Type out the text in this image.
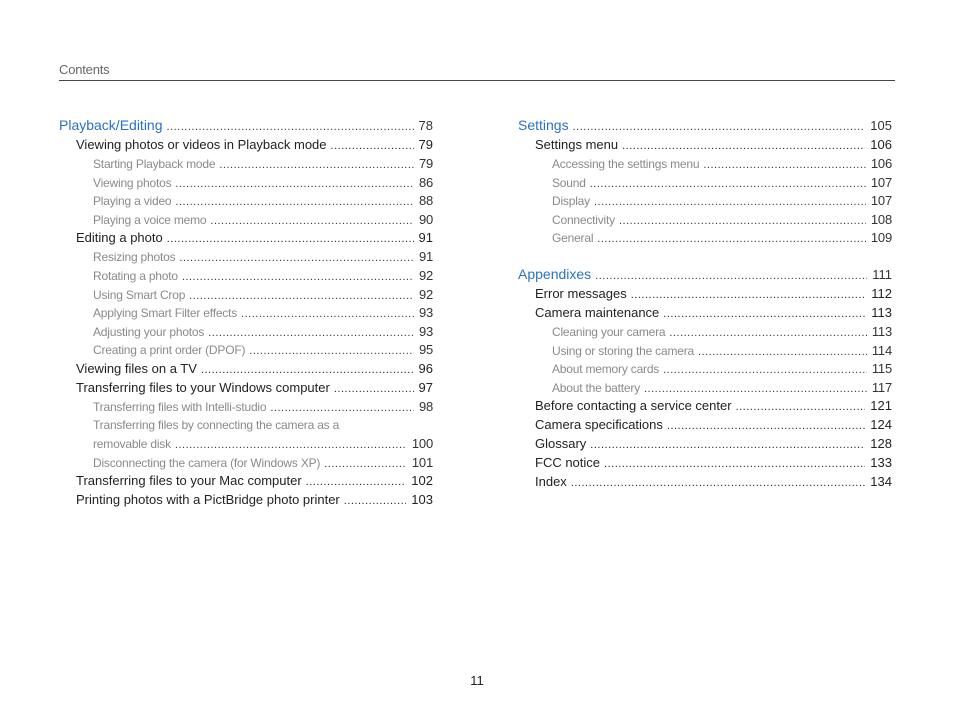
Contents
Playback/Editing .....	78
Viewing photos or videos in Playback mode .....	79
Starting Playback mode .....	79
Viewing photos .....	86
Playing a video .....	88
Playing a voice memo .....	90
Editing a photo .....	91
Resizing photos .....	91
Rotating a photo .....	92
Using Smart Crop .....	92
Applying Smart Filter effects .....	93
Adjusting your photos .....	93
Creating a print order (DPOF) .....	95
Viewing files on a TV .....	96
Transferring files to your Windows computer .....	97
Transferring files with Intelli-studio .....	98
Transferring files by connecting the camera as a
removable disk .....	100
Disconnecting the camera (for Windows XP) .....	101
Transferring files to your Mac computer .....	102
Printing photos with a PictBridge photo printer .....	103
Settings .....	105
Settings menu .....	106
Accessing the settings menu .....	106
Sound .....	107
Display .....	107
Connectivity .....	108
General .....	109
Appendixes .....	111
Error messages .....	112
Camera maintenance .....	113
Cleaning your camera .....	113
Using or storing the camera .....	114
About memory cards .....	115
About the battery .....	117
Before contacting a service center .....	121
Camera specifications .....	124
Glossary .....	128
FCC notice .....	133
Index .....	134
11
